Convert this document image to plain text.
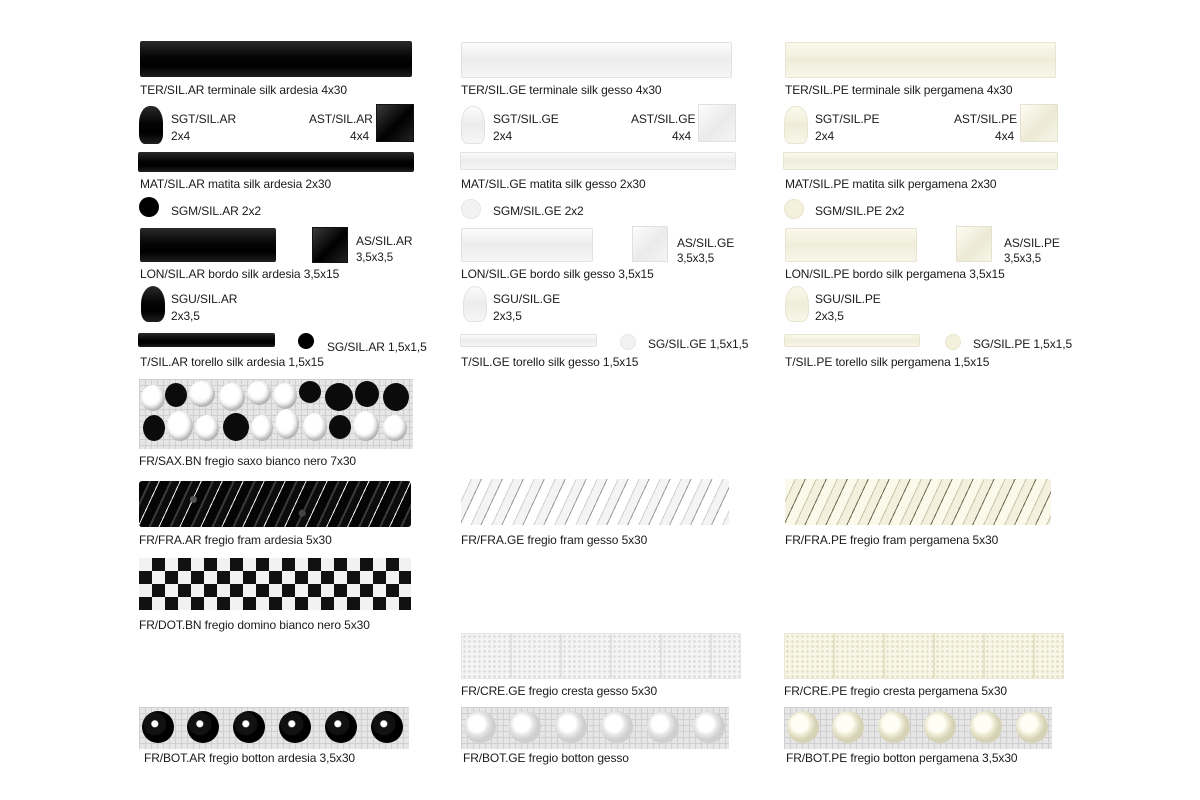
TER/SIL.AR terminale silk ardesia 4x30
SGT/SIL.AR
2x4
AST/SIL.AR
4x4
MAT/SIL.AR matita silk ardesia 2x30
SGM/SIL.AR 2x2
AS/SIL.AR
3,5x3,5
LON/SIL.AR bordo silk ardesia 3,5x15
SGU/SIL.AR
2x3,5
SG/SIL.AR 1,5x1,5
T/SIL.AR torello silk ardesia 1,5x15
FR/SAX.BN fregio saxo bianco nero 7x30
FR/FRA.AR fregio fram ardesia 5x30
FR/DOT.BN fregio domino bianco nero 5x30
FR/BOT.AR fregio botton ardesia 3,5x30
TER/SIL.GE terminale silk gesso 4x30
SGT/SIL.GE
2x4
AST/SIL.GE
4x4
MAT/SIL.GE matita silk gesso 2x30
SGM/SIL.GE 2x2
AS/SIL.GE
3,5x3,5
LON/SIL.GE bordo silk gesso 3,5x15
SGU/SIL.GE
2x3,5
SG/SIL.GE 1,5x1,5
T/SIL.GE torello silk gesso 1,5x15
FR/FRA.GE fregio fram gesso 5x30
FR/CRE.GE fregio cresta gesso 5x30
FR/BOT.GE fregio botton gesso
TER/SIL.PE terminale silk pergamena 4x30
SGT/SIL.PE
2x4
AST/SIL.PE
4x4
MAT/SIL.PE matita silk pergamena 2x30
SGM/SIL.PE 2x2
AS/SIL.PE
3,5x3,5
LON/SIL.PE bordo silk pergamena 3,5x15
SGU/SIL.PE
2x3,5
SG/SIL.PE 1,5x1,5
T/SIL.PE torello silk pergamena 1,5x15
FR/FRA.PE fregio fram pergamena 5x30
FR/CRE.PE fregio cresta pergamena 5x30
FR/BOT.PE fregio botton pergamena 3,5x30
